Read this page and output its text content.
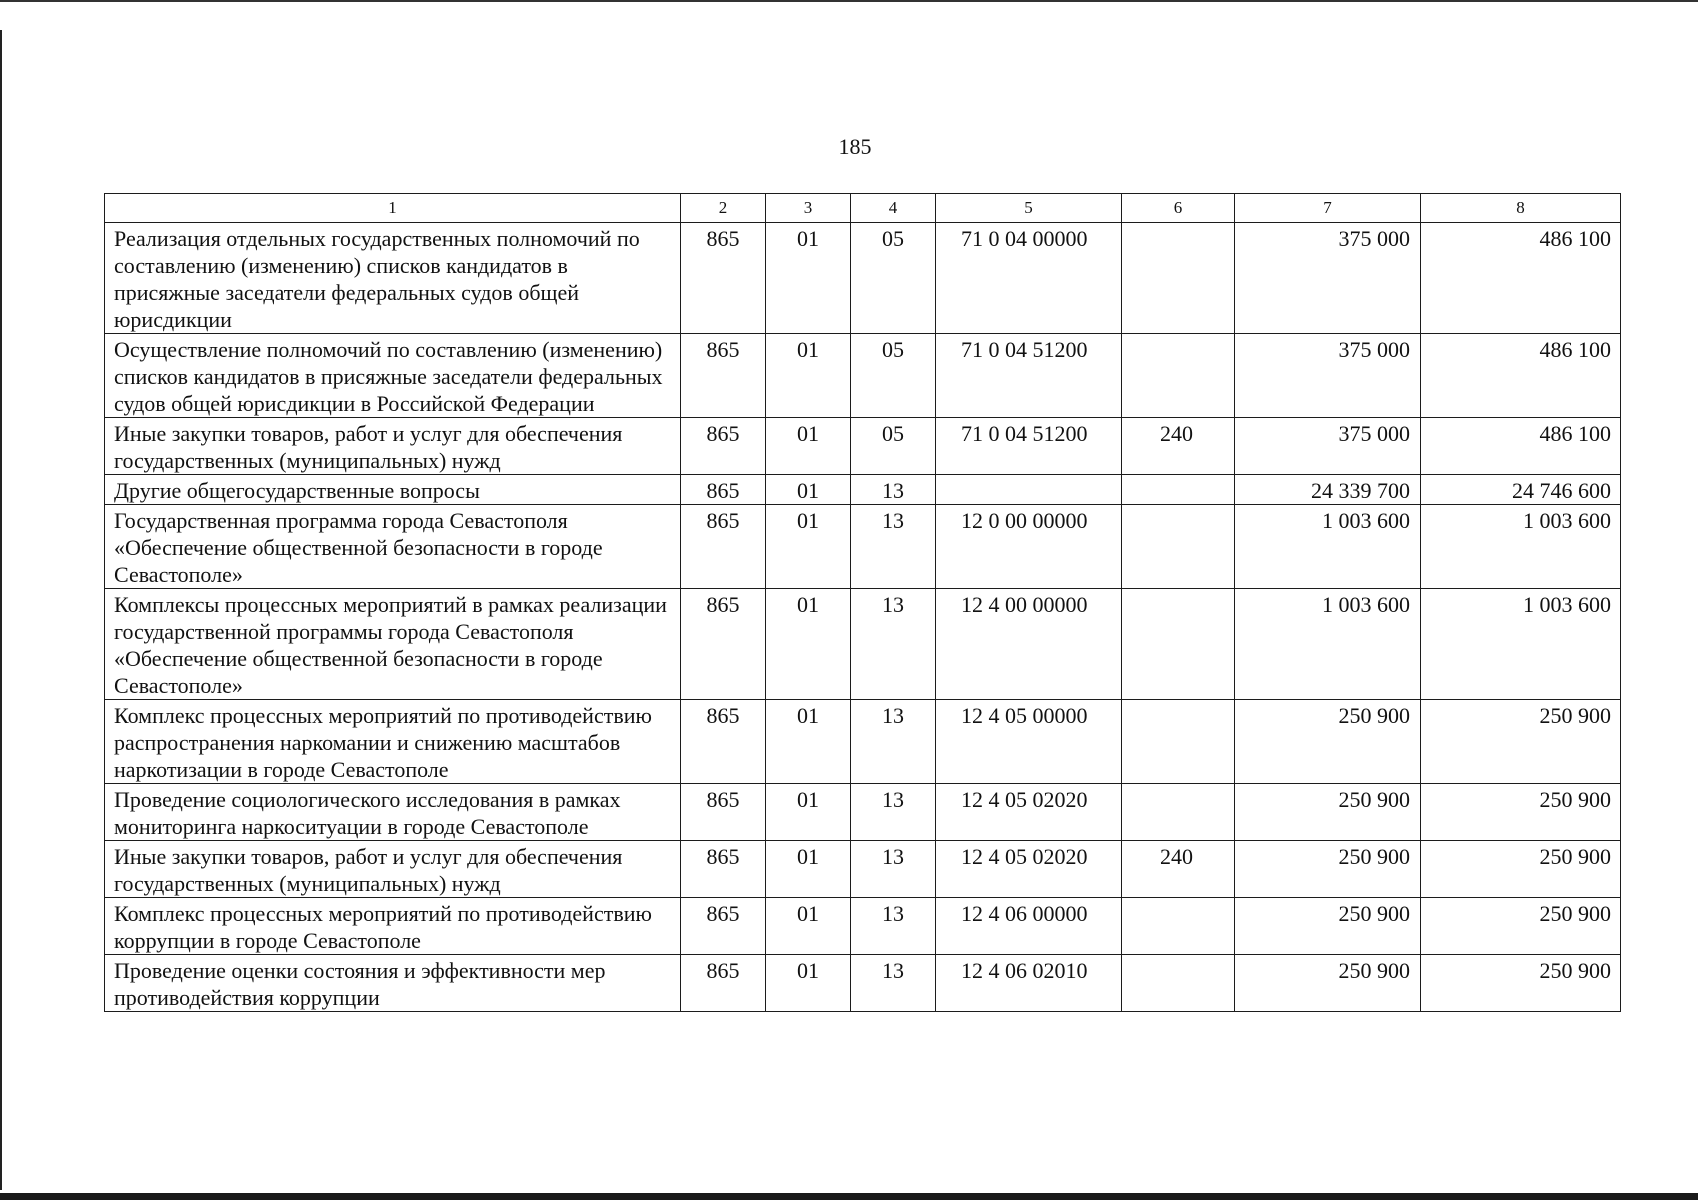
185
1	2	3	4	5	6	7	8
Реализация отдельных государственных полномочий по составлению (изменению) списков кандидатов в присяжные заседатели федеральных судов общей юрисдикции	865	01	05	71 0 04 00000		375 000	486 100
Осуществление полномочий по составлению (изменению) списков кандидатов в присяжные заседатели федеральных судов общей юрисдикции в Российской Федерации	865	01	05	71 0 04 51200		375 000	486 100
Иные закупки товаров, работ и услуг для обеспечения государственных (муниципальных) нужд	865	01	05	71 0 04 51200	240	375 000	486 100
Другие общегосударственные вопросы	865	01	13			24 339 700	24 746 600
Государственная программа города Севастополя «Обеспечение общественной безопасности в городе Севастополе»	865	01	13	12 0 00 00000		1 003 600	1 003 600
Комплексы процессных мероприятий в рамках реализации государственной программы города Севастополя «Обеспечение общественной безопасности в городе Севастополе»	865	01	13	12 4 00 00000		1 003 600	1 003 600
Комплекс процессных мероприятий по противодействию распространения наркомании и снижению масштабов наркотизации в городе Севастополе	865	01	13	12 4 05 00000		250 900	250 900
Проведение социологического исследования в рамках мониторинга наркоситуации в городе Севастополе	865	01	13	12 4 05 02020		250 900	250 900
Иные закупки товаров, работ и услуг для обеспечения государственных (муниципальных) нужд	865	01	13	12 4 05 02020	240	250 900	250 900
Комплекс процессных мероприятий по противодействию коррупции в городе Севастополе	865	01	13	12 4 06 00000		250 900	250 900
Проведение оценки состояния и эффективности мер противодействия коррупции	865	01	13	12 4 06 02010		250 900	250 900
